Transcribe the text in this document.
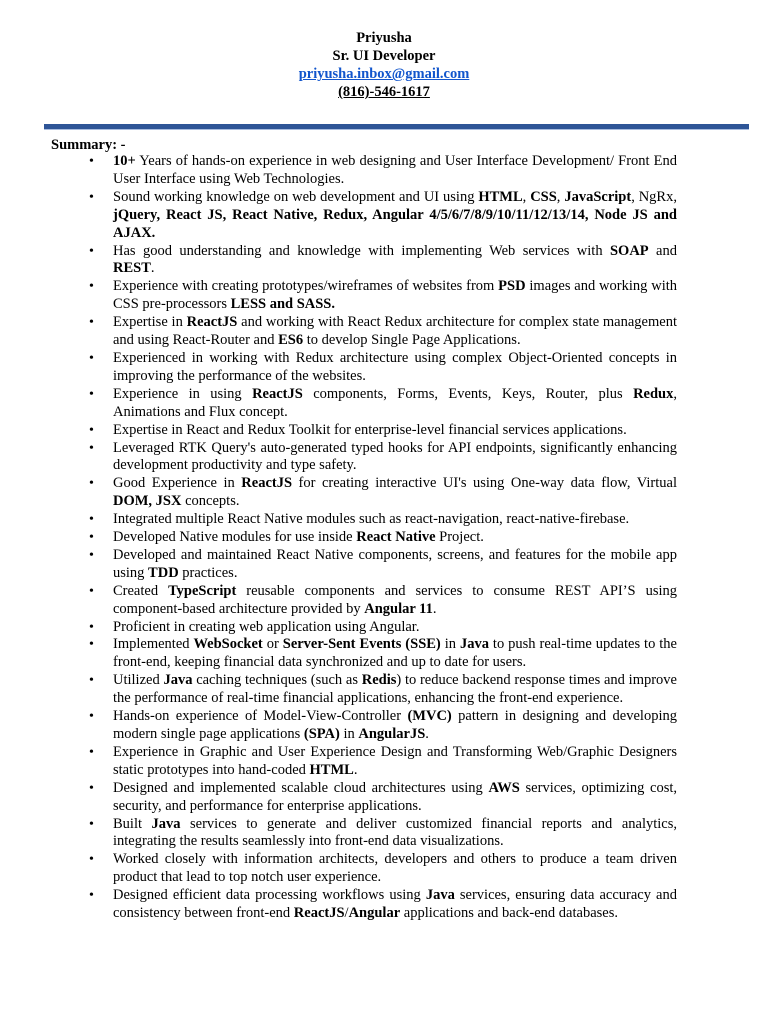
Priyusha
Sr. UI Developer
priyusha.inbox@gmail.com
(816)-546-1617
Summary: -
• 10+ Years of hands-on experience in web designing and User Interface Development/ Front End User Interface using Web Technologies.
• Sound working knowledge on web development and UI using HTML, CSS, JavaScript, NgRx, jQuery, React JS, React Native, Redux, Angular 4/5/6/7/8/9/10/11/12/13/14, Node JS and AJAX.
• Has good understanding and knowledge with implementing Web services with SOAP and REST.
• Experience with creating prototypes/wireframes of websites from PSD images and working with CSS pre-processors LESS and SASS.
• Expertise in ReactJS and working with React Redux architecture for complex state management and using React-Router and ES6 to develop Single Page Applications.
• Experienced in working with Redux architecture using complex Object-Oriented concepts in improving the performance of the websites.
• Experience in using ReactJS components, Forms, Events, Keys, Router, plus Redux, Animations and Flux concept.
• Expertise in React and Redux Toolkit for enterprise-level financial services applications.
• Leveraged RTK Query's auto-generated typed hooks for API endpoints, significantly enhancing development productivity and type safety.
• Good Experience in ReactJS for creating interactive UI's using One-way data flow, Virtual DOM, JSX concepts.
• Integrated multiple React Native modules such as react-navigation, react-native-firebase.
• Developed Native modules for use inside React Native Project.
• Developed and maintained React Native components, screens, and features for the mobile app using TDD practices.
• Created TypeScript reusable components and services to consume REST API’S using component-based architecture provided by Angular 11.
• Proficient in creating web application using Angular.
• Implemented WebSocket or Server-Sent Events (SSE) in Java to push real-time updates to the front-end, keeping financial data synchronized and up to date for users.
• Utilized Java caching techniques (such as Redis) to reduce backend response times and improve the performance of real-time financial applications, enhancing the front-end experience.
• Hands-on experience of Model-View-Controller (MVC) pattern in designing and developing modern single page applications (SPA) in AngularJS.
• Experience in Graphic and User Experience Design and Transforming Web/Graphic Designers static prototypes into hand-coded HTML.
• Designed and implemented scalable cloud architectures using AWS services, optimizing cost, security, and performance for enterprise applications.
• Built Java services to generate and deliver customized financial reports and analytics, integrating the results seamlessly into front-end data visualizations.
• Worked closely with information architects, developers and others to produce a team driven product that lead to top notch user experience.
• Designed efficient data processing workflows using Java services, ensuring data accuracy and consistency between front-end ReactJS/Angular applications and back-end databases.
